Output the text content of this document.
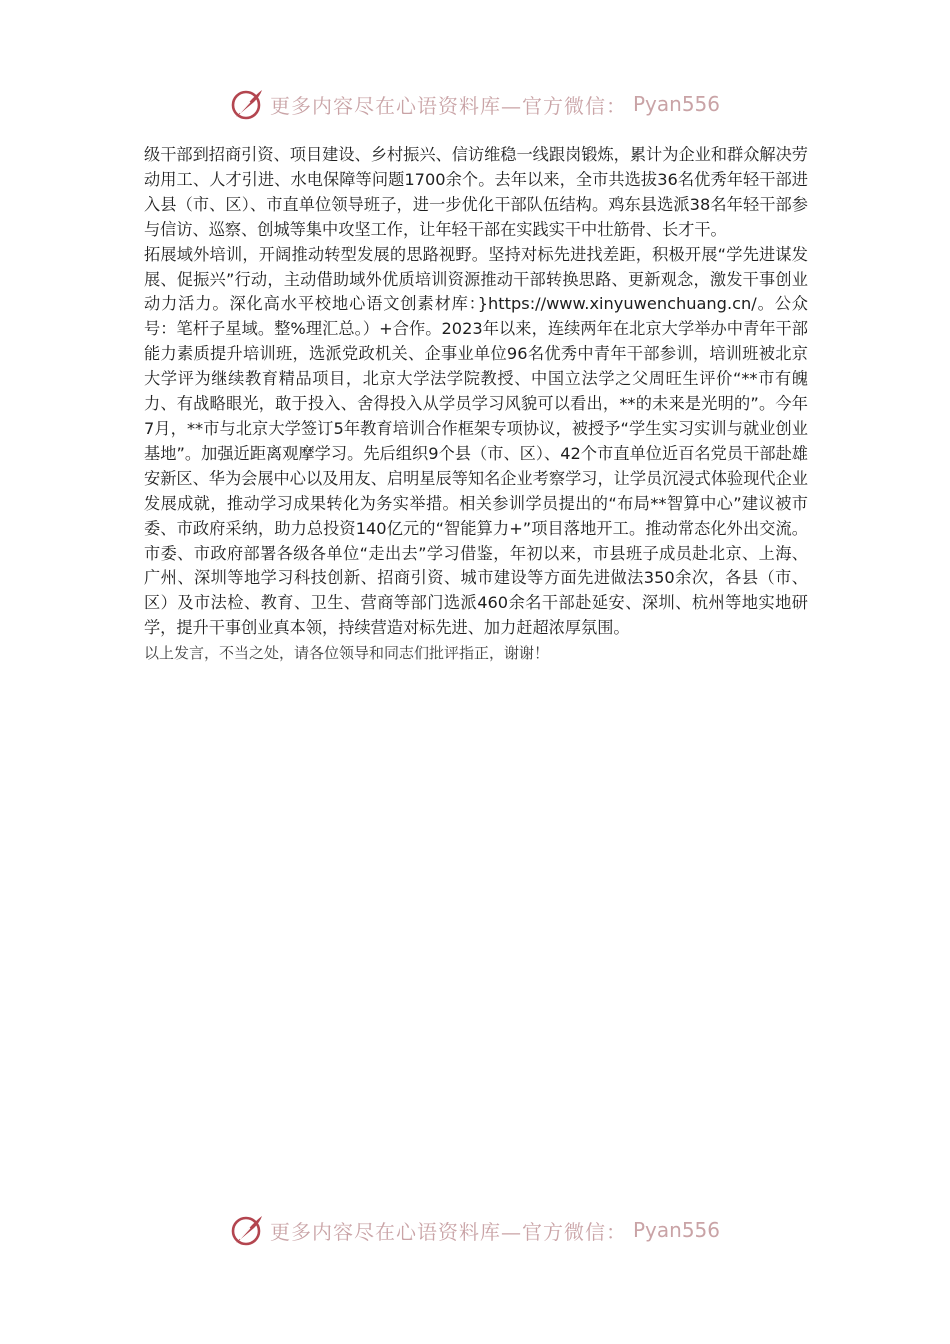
更多内容尽在心语资料库—官方微信： Pyan556

级干部到招商引资、项目建设、乡村振兴、信访维稳一线跟岗锻炼，累计为企业和群众解决劳动用工、人才引进、水电保障等问题1700余个。去年以来，全市共选拔36名优秀年轻干部进入县（市、区）、市直单位领导班子，进一步优化干部队伍结构。鸡东县选派38名年轻干部参与信访、巡察、创城等集中攻坚工作，让年轻干部在实践实干中壮筋骨、长才干。

拓展域外培训，开阔推动转型发展的思路视野。坚持对标先进找差距，积极开展“学先进谋发展、促振兴”行动，主动借助域外优质培训资源推动干部转换思路、更新观念，激发干事创业动力活力。深化高水平校地心语文创素材库：}https://www.xinyuwenchuang.cn/。公众号：笔杆子星域。整%理汇总。）+合作。2023年以来，连续两年在北京大学举办中青年干部能力素质提升培训班，选派党政机关、企事业单位96名优秀中青年干部参训，培训班被北京大学评为继续教育精品项目，北京大学法学院教授、中国立法学之父周旺生评价“**市有魄力、有战略眼光，敢于投入、舍得投入从学员学习风貌可以看出，**的未来是光明的”。今年7月，**市与北京大学签订5年教育培训合作框架专项协议，被授予“学生实习实训与就业创业基地”。加强近距离观摩学习。先后组织9个县（市、区）、42个市直单位近百名党员干部赴雄安新区、华为会展中心以及用友、启明星辰等知名企业考察学习，让学员沉浸式体验现代企业发展成就，推动学习成果转化为务实举措。相关参训学员提出的“布局**智算中心”建议被市委、市政府采纳，助力总投资140亿元的“智能算力+”项目落地开工。推动常态化外出交流。市委、市政府部署各级各单位“走出去”学习借鉴，年初以来，市县班子成员赴北京、上海、广州、深圳等地学习科技创新、招商引资、城市建设等方面先进做法350余次，各县（市、区）及市法检、教育、卫生、营商等部门选派460余名干部赴延安、深圳、杭州等地实地研学，提升干事创业真本领，持续营造对标先进、加力赶超浓厚氛围。

以上发言，不当之处，请各位领导和同志们批评指正，谢谢！

更多内容尽在心语资料库—官方微信： Pyan556
